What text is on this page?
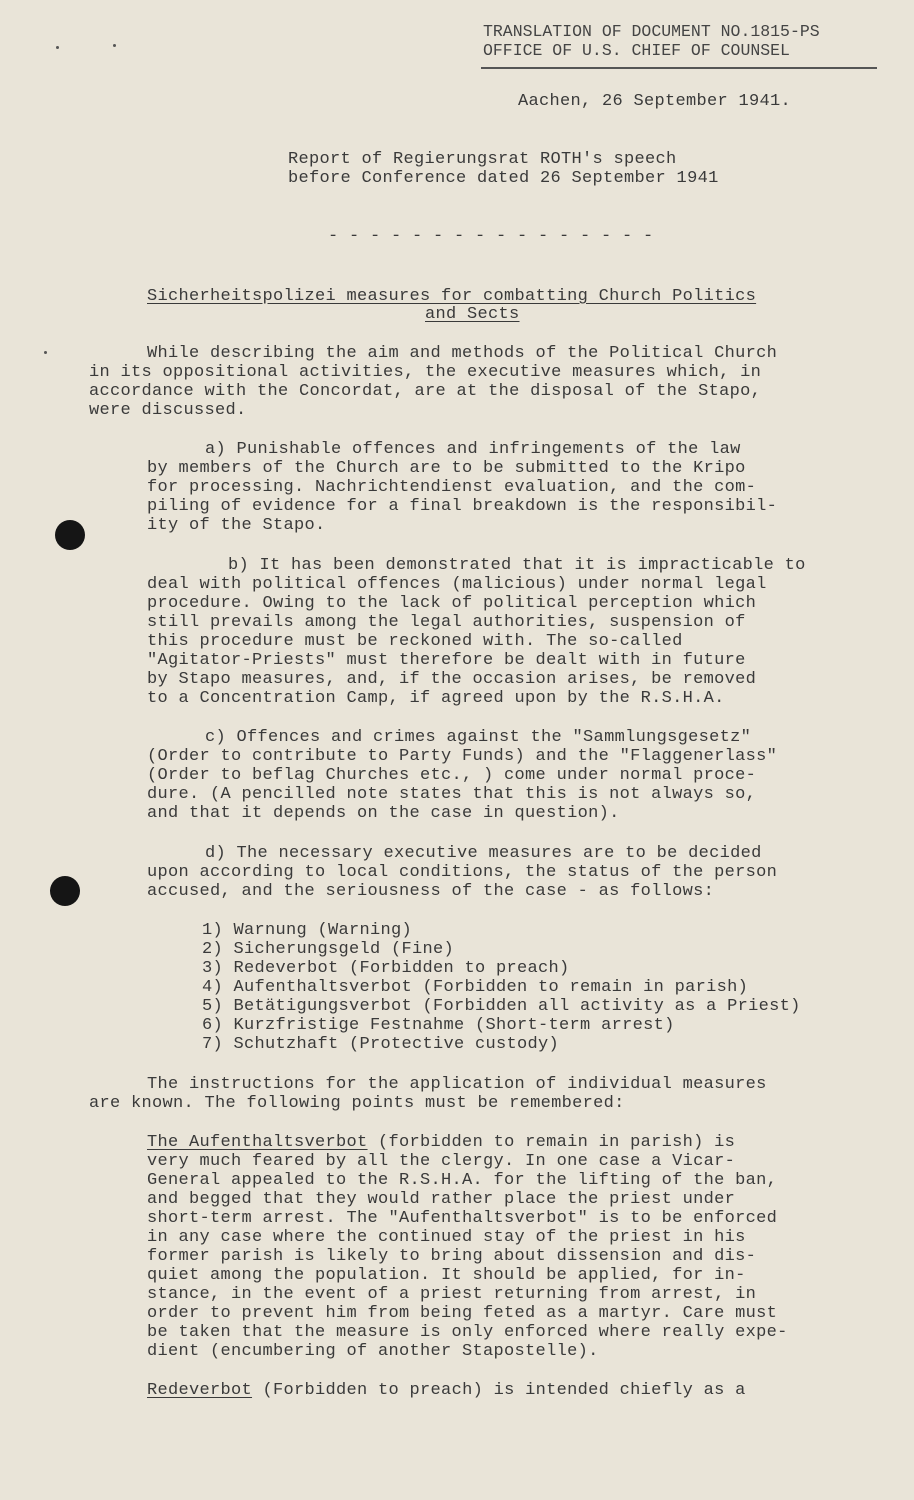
TRANSLATION OF DOCUMENT NO.1815-PS
OFFICE OF U.S. CHIEF OF COUNSEL
Aachen, 26 September 1941.
Report of Regierungsrat ROTH's speech
before Conference dated 26 September 1941
- - - - - - - - - - - - - - - -
Sicherheitspolizei measures for combatting Church Politics
and Sects
While describing the aim and methods of the Political Church
in its oppositional activities, the executive measures which, in
accordance with the Concordat, are at the disposal of the Stapo,
were discussed.
a) Punishable offences and infringements of the law
by members of the Church are to be submitted to the Kripo
for processing. Nachrichtendienst evaluation, and the com-
piling of evidence for a final breakdown is the responsibil-
ity of the Stapo.
b) It has been demonstrated that it is impracticable to
deal with political offences (malicious) under normal legal
procedure. Owing to the lack of political perception which
still prevails among the legal authorities, suspension of
this procedure must be reckoned with. The so-called
"Agitator-Priests" must therefore be dealt with in future
by Stapo measures, and, if the occasion arises, be removed
to a Concentration Camp, if agreed upon by the R.S.H.A.
c) Offences and crimes against the "Sammlungsgesetz"
(Order to contribute to Party Funds) and the "Flaggenerlass"
(Order to beflag Churches etc., ) come under normal proce-
dure. (A pencilled note states that this is not always so,
and that it depends on the case in question).
d) The necessary executive measures are to be decided
upon according to local conditions, the status of the person
accused, and the seriousness of the case - as follows:
1) Warnung (Warning)
2) Sicherungsgeld (Fine)
3) Redeverbot (Forbidden to preach)
4) Aufenthaltsverbot (Forbidden to remain in parish)
5) Betätigungsverbot (Forbidden all activity as a Priest)
6) Kurzfristige Festnahme (Short-term arrest)
7) Schutzhaft (Protective custody)
The instructions for the application of individual measures
are known. The following points must be remembered:
The Aufenthaltsverbot (forbidden to remain in parish) is
very much feared by all the clergy. In one case a Vicar-
General appealed to the R.S.H.A. for the lifting of the ban,
and begged that they would rather place the priest under
short-term arrest. The "Aufenthaltsverbot" is to be enforced
in any case where the continued stay of the priest in his
former parish is likely to bring about dissension and dis-
quiet among the population. It should be applied, for in-
stance, in the event of a priest returning from arrest, in
order to prevent him from being feted as a martyr. Care must
be taken that the measure is only enforced where really expe-
dient (encumbering of another Stapostelle).
Redeverbot (Forbidden to preach) is intended chiefly as a
